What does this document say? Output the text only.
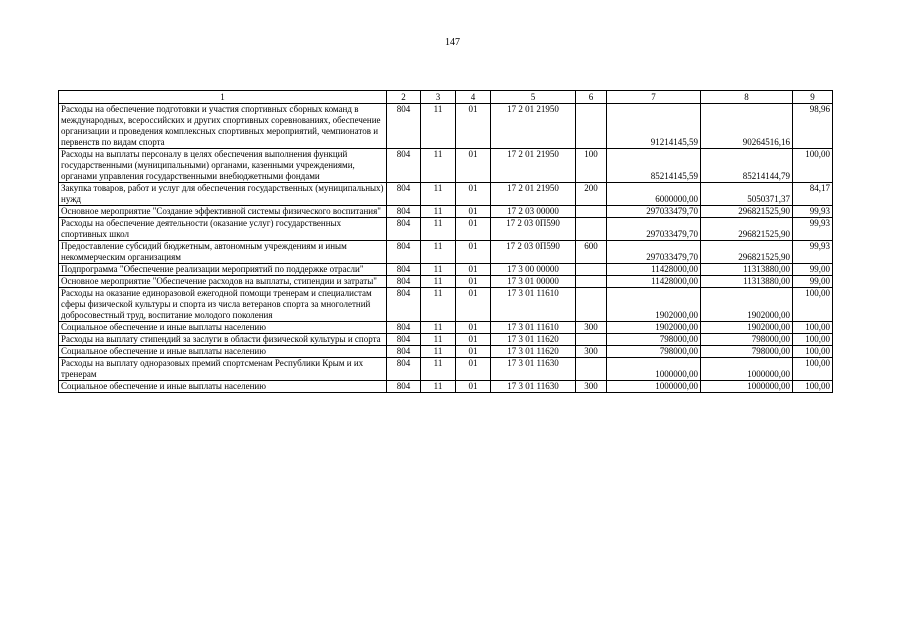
147
1	2	3	4	5	6	7	8	9
Расходы на обеспечение подготовки и участия спортивных сборных команд в международных, всероссийских и других спортивных соревнованиях, обеспечение организации и проведения комплексных спортивных мероприятий, чемпионатов и первенств по видам спорта	804	11	01	17 2 01 21950		91214145,59	90264516,16	98,96
Расходы на выплаты персоналу в целях обеспечения выполнения функций государственными (муниципальными) органами, казенными учреждениями, органами управления государственными внебюджетными фондами	804	11	01	17 2 01 21950	100	85214145,59	85214144,79	100,00
Закупка товаров, работ и услуг для обеспечения государственных (муниципальных) нужд	804	11	01	17 2 01 21950	200	6000000,00	5050371,37	84,17
Основное мероприятие "Создание эффективной системы физического воспитания"	804	11	01	17 2 03 00000		297033479,70	296821525,90	99,93
Расходы на обеспечение деятельности (оказание услуг) государственных спортивных школ	804	11	01	17 2 03 0П590		297033479,70	296821525,90	99,93
Предоставление субсидий бюджетным, автономным учреждениям и иным некоммерческим организациям	804	11	01	17 2 03 0П590	600	297033479,70	296821525,90	99,93
Подпрограмма "Обеспечение реализации мероприятий по поддержке отрасли"	804	11	01	17 3 00 00000		11428000,00	11313880,00	99,00
Основное мероприятие "Обеспечение расходов на выплаты, стипендии и затраты"	804	11	01	17 3 01 00000		11428000,00	11313880,00	99,00
Расходы на оказание единоразовой ежегодной помощи тренерам и специалистам сферы физической культуры и спорта из числа ветеранов спорта за многолетний добросовестный труд, воспитание молодого поколения	804	11	01	17 3 01 11610		1902000,00	1902000,00	100,00
Социальное обеспечение и иные выплаты населению	804	11	01	17 3 01 11610	300	1902000,00	1902000,00	100,00
Расходы на выплату стипендий за заслуги в области физической культуры и спорта	804	11	01	17 3 01 11620		798000,00	798000,00	100,00
Социальное обеспечение и иные выплаты населению	804	11	01	17 3 01 11620	300	798000,00	798000,00	100,00
Расходы на выплату одноразовых премий спортсменам Республики Крым и их тренерам	804	11	01	17 3 01 11630		1000000,00	1000000,00	100,00
Социальное обеспечение и иные выплаты населению	804	11	01	17 3 01 11630	300	1000000,00	1000000,00	100,00
